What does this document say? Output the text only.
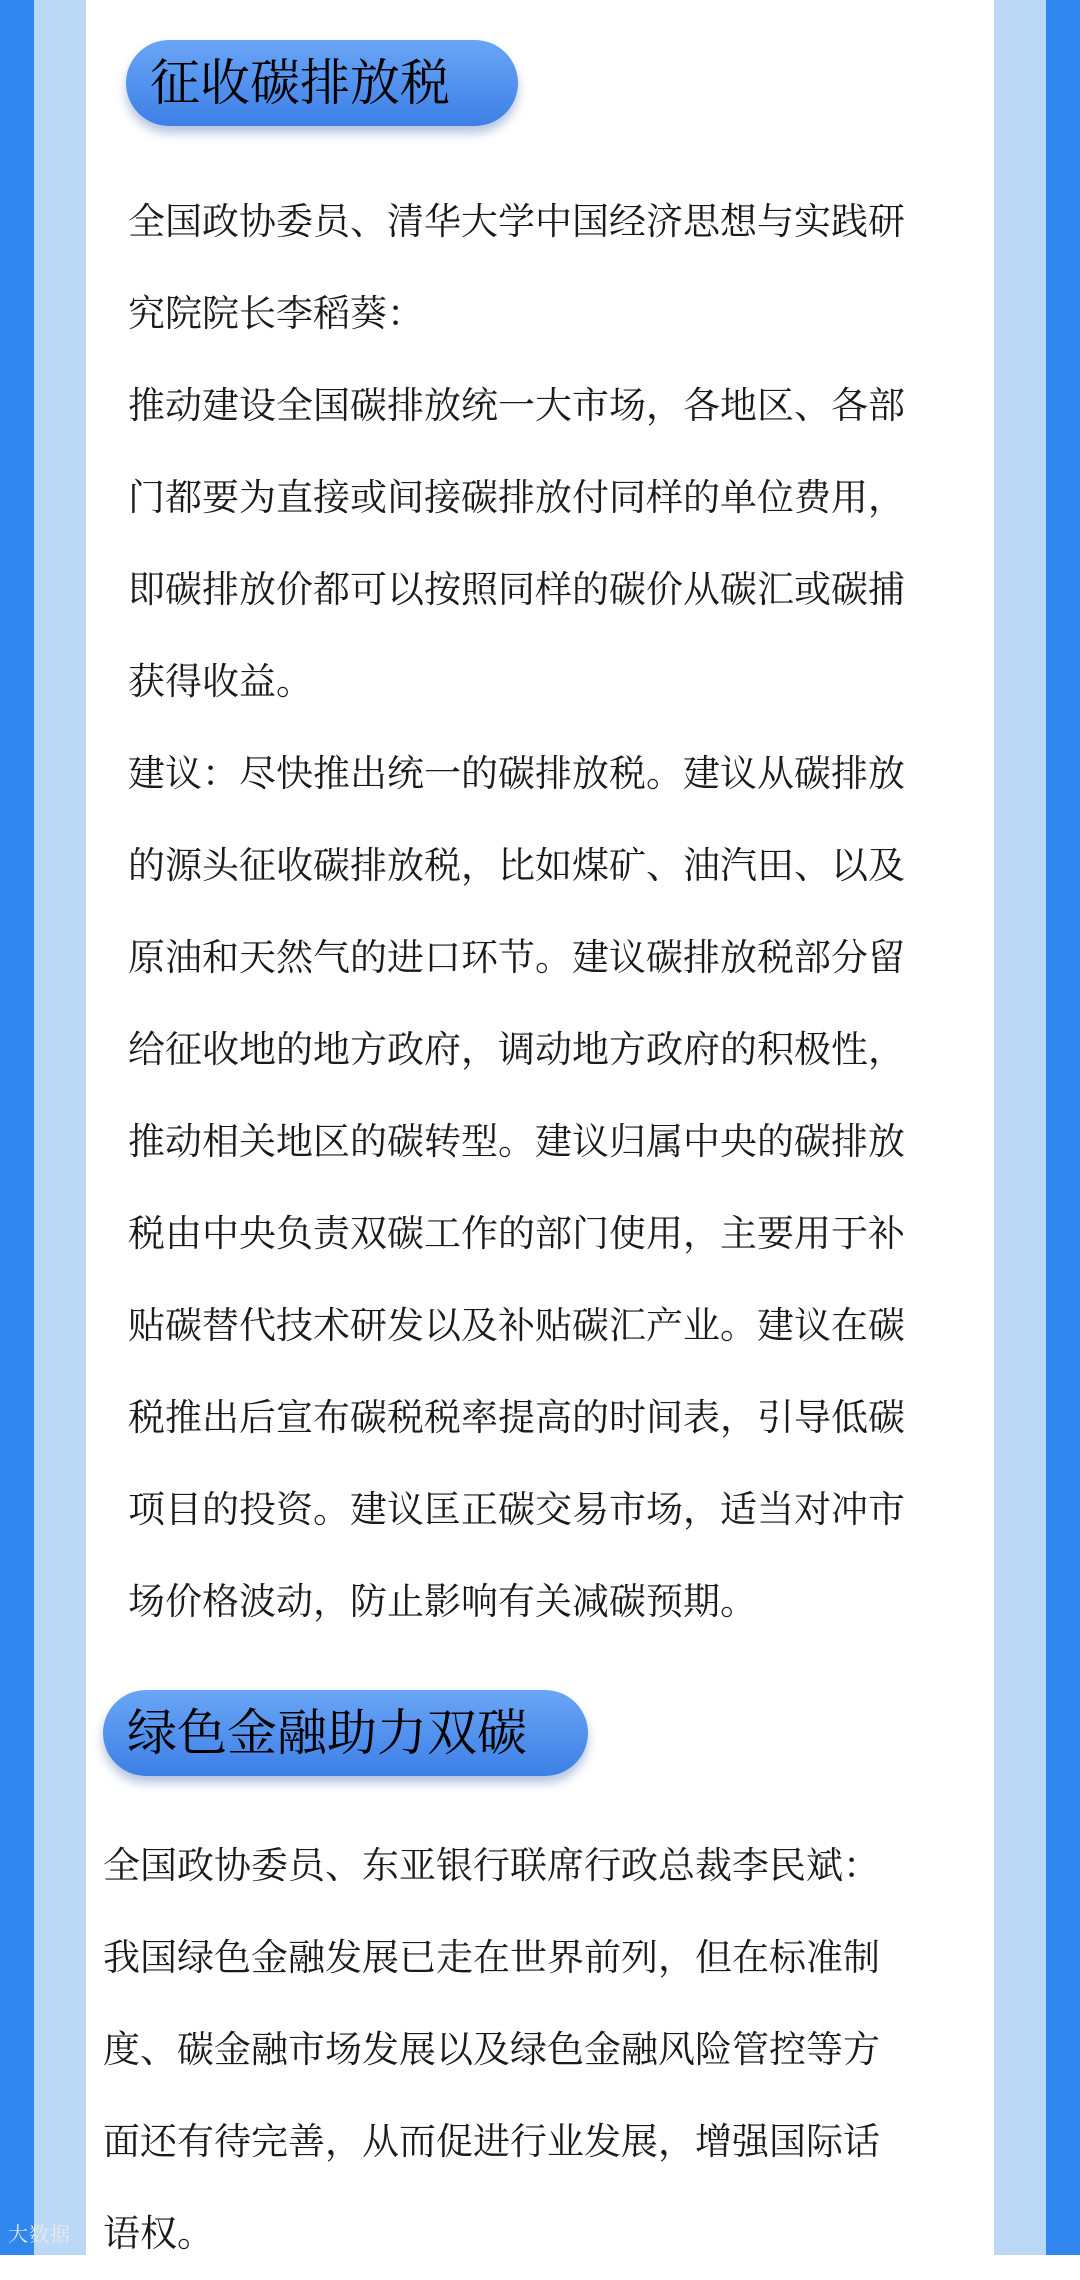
征收碳排放税
全国政协委员、清华大学中国经济思想与实践研
究院院长李稻葵：
推动建设全国碳排放统一大市场，各地区、各部
门都要为直接或间接碳排放付同样的单位费用，
即碳排放价都可以按照同样的碳价从碳汇或碳捕
获得收益。
建议：尽快推出统一的碳排放税。建议从碳排放
的源头征收碳排放税，比如煤矿、油汽田、以及
原油和天然气的进口环节。建议碳排放税部分留
给征收地的地方政府，调动地方政府的积极性，
推动相关地区的碳转型。建议归属中央的碳排放
税由中央负责双碳工作的部门使用，主要用于补
贴碳替代技术研发以及补贴碳汇产业。建议在碳
税推出后宣布碳税税率提高的时间表，引导低碳
项目的投资。建议匡正碳交易市场，适当对冲市
场价格波动，防止影响有关减碳预期。
绿色金融助力双碳
全国政协委员、东亚银行联席行政总裁李民斌：
我国绿色金融发展已走在世界前列，但在标准制
度、碳金融市场发展以及绿色金融风险管控等方
面还有待完善，从而促进行业发展，增强国际话
语权。
大数据
